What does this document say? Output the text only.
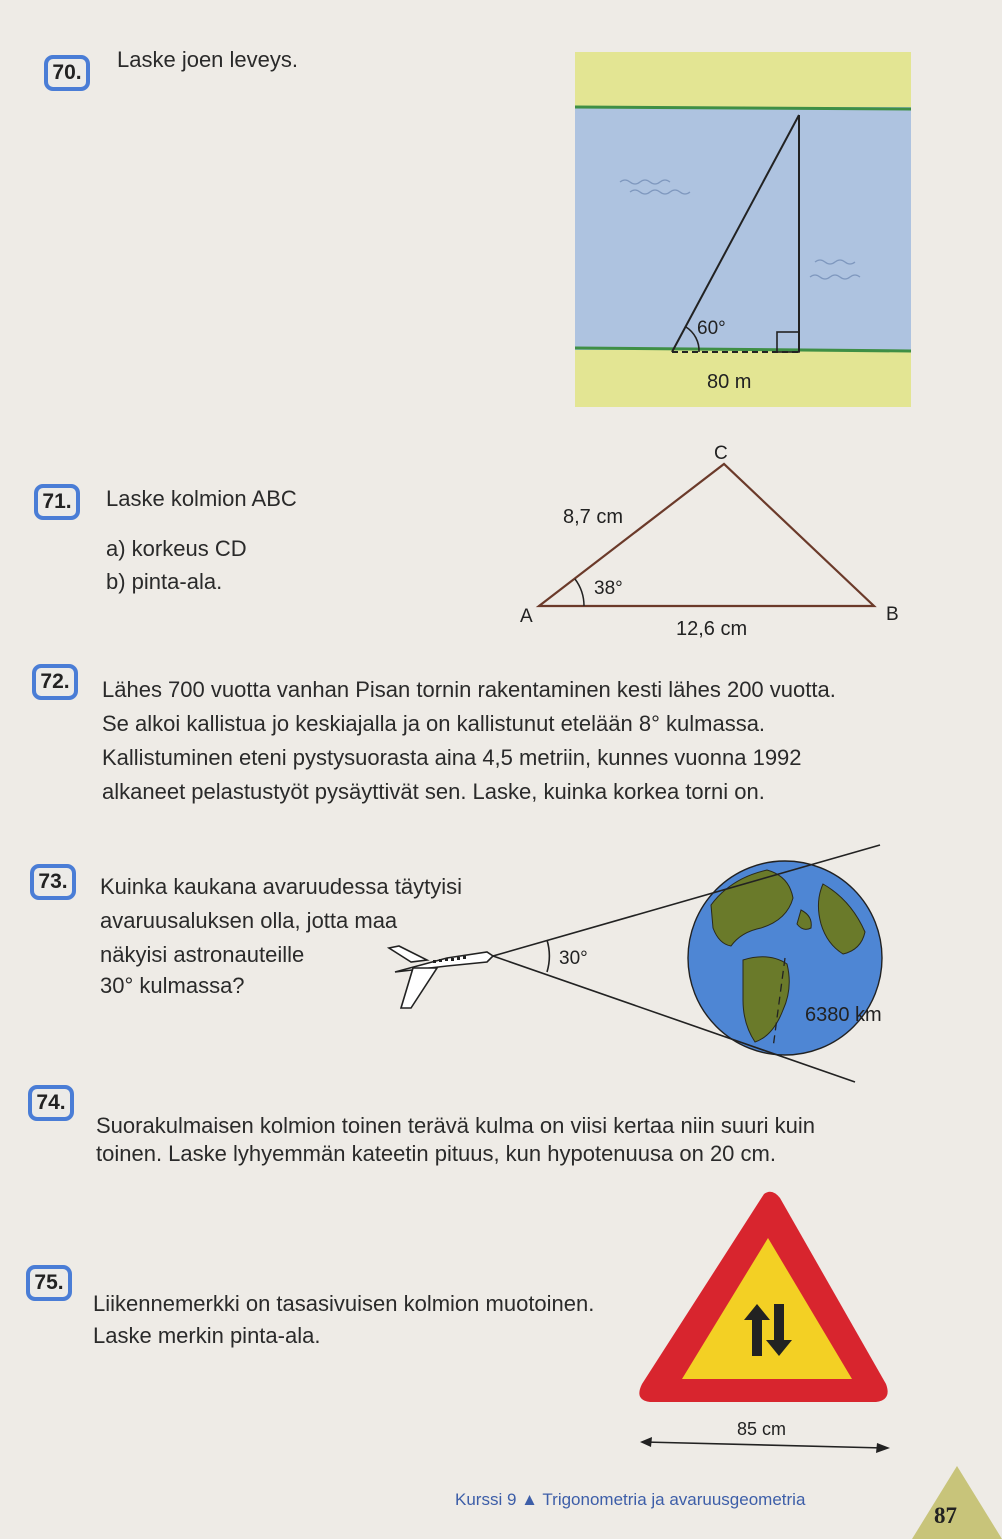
70.
Laske joen leveys.
60°
80 m
71.	Laske kolmion ABC
a) korkeus CD
b) pinta-ala.
C
A	B
8,7 cm
38°
12,6 cm
72.	Lähes 700 vuotta vanhan Pisan tornin rakentaminen kesti lähes 200 vuotta.
Se alkoi kallistua jo keskiajalla ja on kallistunut etelään 8° kulmassa.
Kallistuminen eteni pystysuorasta aina 4,5 metriin, kunnes vuonna 1992
alkaneet pelastustyöt pysäyttivät sen. Laske, kuinka korkea torni on.
73.	Kuinka kaukana avaruudessa täytyisi
avaruusaluksen olla, jotta maa
näkyisi astronauteille
30° kulmassa?
30°
6380 km
74.
Suorakulmaisen kolmion toinen terävä kulma on viisi kertaa niin suuri kuin
toinen. Laske lyhyemmän kateetin pituus, kun hypotenuusa on 20 cm.
75.
Liikennemerkki on tasasivuisen kolmion muotoinen.
Laske merkin pinta-ala.
85 cm
Kurssi 9 ▲ Trigonometria ja avaruusgeometria
87
